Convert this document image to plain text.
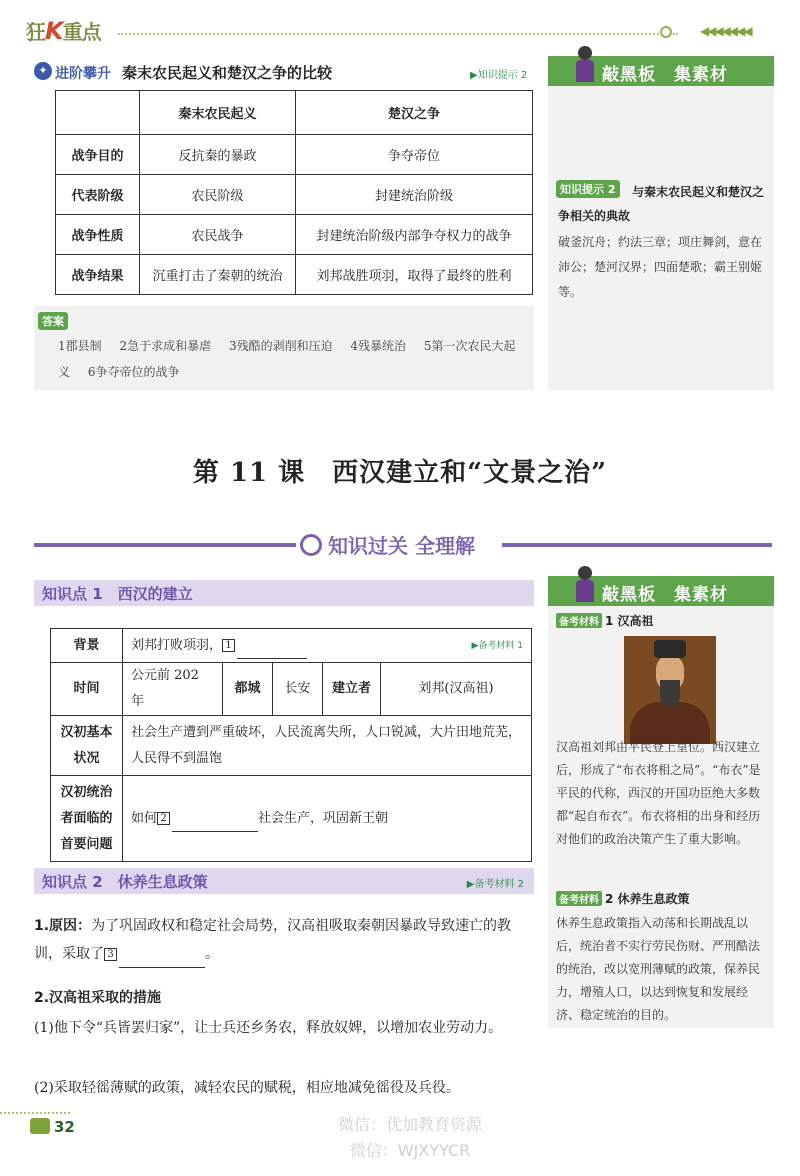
狂K重点	◀◀◀◀◀◀◀
✦ 进阶攀升 秦末农民起义和楚汉之争的比较	▶知识提示 2
	秦末农民起义	楚汉之争
战争目的	反抗秦的暴政	争夺帝位
代表阶级	农民阶级	封建统治阶级
战争性质	农民战争	封建统治阶级内部争夺权力的战争
战争结果	沉重打击了秦朝的统治	刘邦战胜项羽，取得了最终的胜利
答案
1郡县制 2急于求成和暴虐 3残酷的剥削和压迫 4残暴统治 5第一次农民大起义 6争夺帝位的战争
敲黑板 集素材
与秦末农民起义和楚汉之争相关的典故
知识提示 2
破釜沉舟；约法三章；项庄舞剑，意在沛公；楚河汉界；四面楚歌；霸王别姬等。
第 11 课　西汉建立和“文景之治”
知识过关 全理解
知识点 1　西汉的建立
背景	刘邦打败项羽， 1 ▶备考材料 1				

时间	公元前 202 年	都城	长安	建立者	刘邦(汉高祖)
汉初基本状况	社会生产遭到严重破坏，人民流离失所，人口锐减，大片田地荒芜，人民得不到温饱				
汉初统治者面临的首要问题	如何 2 社会生产，巩固新王朝				
知识点 2　休养生息政策	▶备考材料 2
1.原因：为了巩固政权和稳定社会局势，汉高祖吸取秦朝因暴政导致速亡的教训，采取了 3	。
2.汉高祖采取的措施
(1)他下令“兵皆罢归家”，让士兵还乡务农，释放奴婢，以增加农业劳动力。
(2)采取轻徭薄赋的政策，减轻农民的赋税，相应地减免徭役及兵役。
敲黑板 集素材
备考材料 1 汉高祖
汉高祖刘邦由平民登上皇位。西汉建立后，形成了“布衣将相之局”。“布衣”是平民的代称，西汉的开国功臣绝大多数都“起自布衣”。布衣将相的出身和经历对他们的政治决策产生了重大影响。
备考材料 2 休养生息政策
休养生息政策指入动荡和长期战乱以后，统治者不实行劳民伤财、严刑酷法的统治，改以宽刑薄赋的政策，保养民力，增殖人口，以达到恢复和发展经济、稳定统治的目的。
32	微信：优加教育资源
微信：WJXYYCR
